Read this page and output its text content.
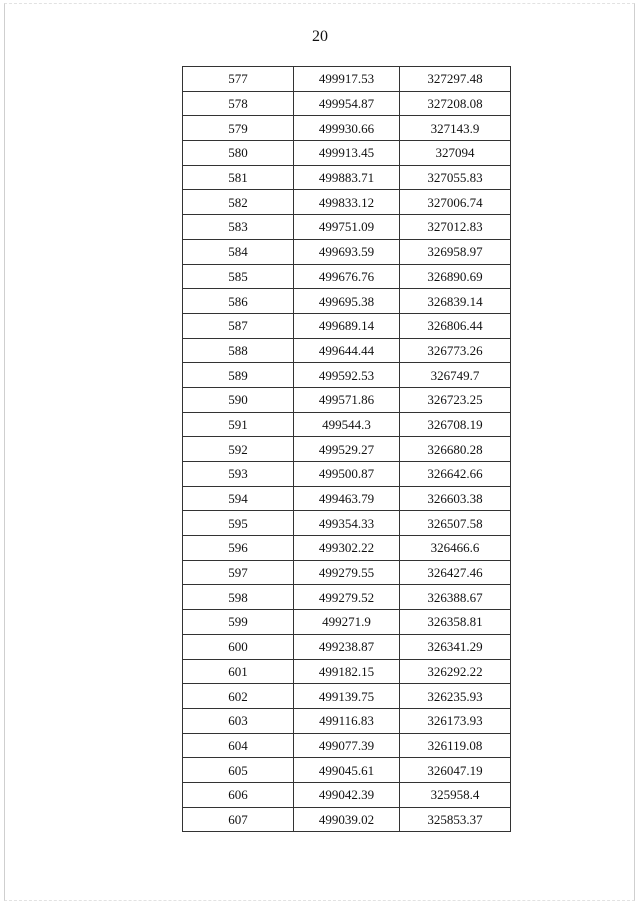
20
577	499917.53	327297.48
578	499954.87	327208.08
579	499930.66	327143.9
580	499913.45	327094
581	499883.71	327055.83
582	499833.12	327006.74
583	499751.09	327012.83
584	499693.59	326958.97
585	499676.76	326890.69
586	499695.38	326839.14
587	499689.14	326806.44
588	499644.44	326773.26
589	499592.53	326749.7
590	499571.86	326723.25
591	499544.3	326708.19
592	499529.27	326680.28
593	499500.87	326642.66
594	499463.79	326603.38
595	499354.33	326507.58
596	499302.22	326466.6
597	499279.55	326427.46
598	499279.52	326388.67
599	499271.9	326358.81
600	499238.87	326341.29
601	499182.15	326292.22
602	499139.75	326235.93
603	499116.83	326173.93
604	499077.39	326119.08
605	499045.61	326047.19
606	499042.39	325958.4
607	499039.02	325853.37
